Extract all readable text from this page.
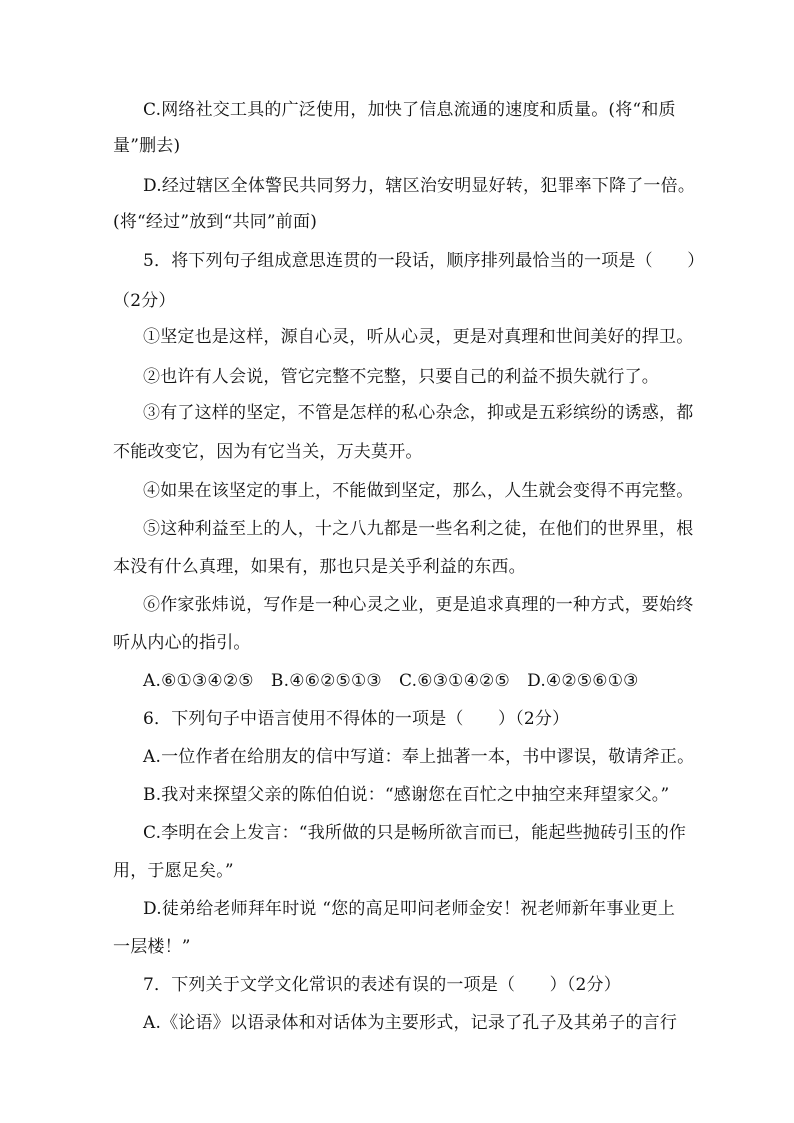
C.网络社交工具的广泛使用，加快了信息流通的速度和质量。(将“和质
量”删去)
D.经过辖区全体警民共同努力，辖区治安明显好转，犯罪率下降了一倍。
(将“经过”放到“共同”前面)
5．将下列句子组成意思连贯的一段话，顺序排列最恰当的一项是（　　）
（2分）
①坚定也是这样，源自心灵，听从心灵，更是对真理和世间美好的捍卫。
②也许有人会说，管它完整不完整，只要自己的利益不损失就行了。
③有了这样的坚定，不管是怎样的私心杂念，抑或是五彩缤纷的诱惑，都
不能改变它，因为有它当关，万夫莫开。
④如果在该坚定的事上，不能做到坚定，那么，人生就会变得不再完整。
⑤这种利益至上的人，十之八九都是一些名利之徒，在他们的世界里，根
本没有什么真理，如果有，那也只是关乎利益的东西。
⑥作家张炜说，写作是一种心灵之业，更是追求真理的一种方式，要始终
听从内心的指引。
A.⑥①③④②⑤　B.④⑥②⑤①③　C.⑥③①④②⑤　D.④②⑤⑥①③
6．下列句子中语言使用不得体的一项是（　　）（2分）
A.一位作者在给朋友的信中写道：奉上拙著一本，书中谬误，敬请斧正。
B.我对来探望父亲的陈伯伯说：“感谢您在百忙之中抽空来拜望家父。”
C.李明在会上发言：“我所做的只是畅所欲言而已，能起些抛砖引玉的作
用，于愿足矣。”
D.徒弟给老师拜年时说 “您的高足叩问老师金安！祝老师新年事业更上
一层楼！”
7．下列关于文学文化常识的表述有误的一项是（　　）（2分）
A.《论语》以语录体和对话体为主要形式，记录了孔子及其弟子的言行
